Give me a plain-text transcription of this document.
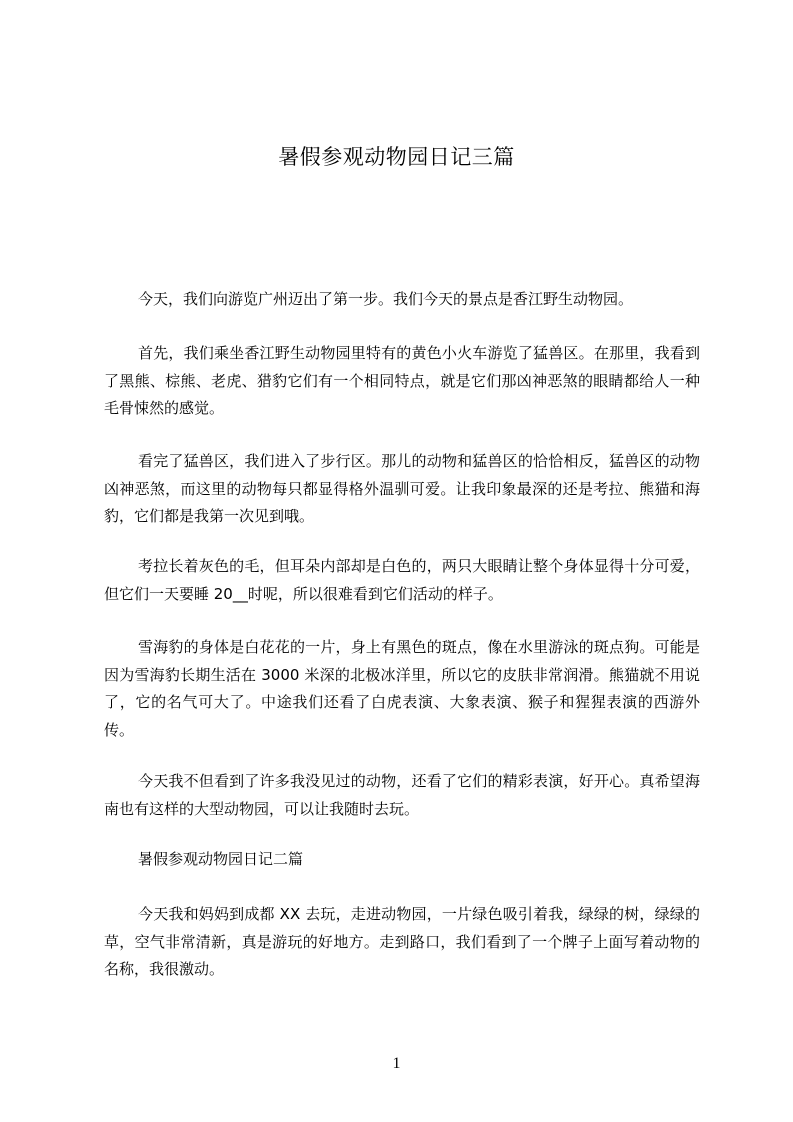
暑假参观动物园日记三篇

今天，我们向游览广州迈出了第一步。我们今天的景点是香江野生动物园。

首先，我们乘坐香江野生动物园里特有的黄色小火车游览了猛兽区。在那里，我看到了黑熊、棕熊、老虎、猎豹它们有一个相同特点，就是它们那凶神恶煞的眼睛都给人一种毛骨悚然的感觉。

看完了猛兽区，我们进入了步行区。那儿的动物和猛兽区的恰恰相反，猛兽区的动物凶神恶煞，而这里的动物每只都显得格外温驯可爱。让我印象最深的还是考拉、熊猫和海豹，它们都是我第一次见到哦。

考拉长着灰色的毛，但耳朵内部却是白色的，两只大眼睛让整个身体显得十分可爱，但它们一天要睡 20__时呢，所以很难看到它们活动的样子。

雪海豹的身体是白花花的一片，身上有黑色的斑点，像在水里游泳的斑点狗。可能是因为雪海豹长期生活在 3000 米深的北极冰洋里，所以它的皮肤非常润滑。熊猫就不用说了，它的名气可大了。中途我们还看了白虎表演、大象表演、猴子和猩猩表演的西游外传。

今天我不但看到了许多我没见过的动物，还看了它们的精彩表演，好开心。真希望海南也有这样的大型动物园，可以让我随时去玩。

暑假参观动物园日记二篇

今天我和妈妈到成都 XX 去玩，走进动物园，一片绿色吸引着我，绿绿的树，绿绿的草，空气非常清新，真是游玩的好地方。走到路口，我们看到了一个牌子上面写着动物的名称，我很激动。

1
